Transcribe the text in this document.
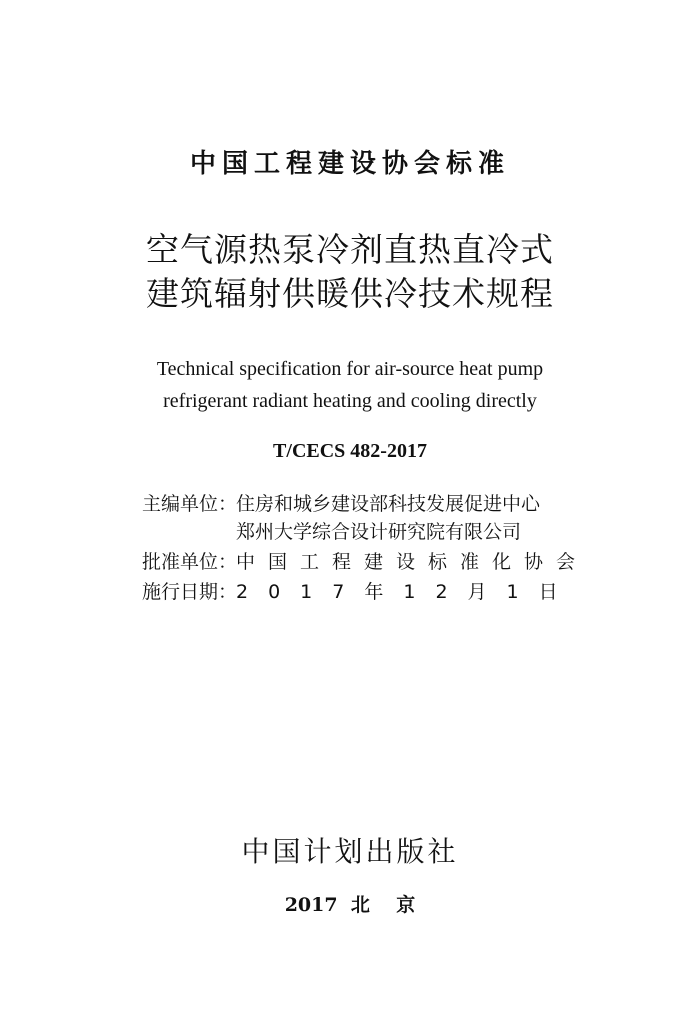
中国工程建设协会标准
空气源热泵冷剂直热直冷式
建筑辐射供暖供冷技术规程
Technical specification for air-source heat pump
refrigerant radiant heating and cooling directly
T/CECS 482-2017
主编单位：住房和城乡建设部科技发展促进中心
郑州大学综合设计研究院有限公司
批准单位：中国工程建设标准化协会
施行日期：2017年12月1日
中国计划出版社
2017  北    京
